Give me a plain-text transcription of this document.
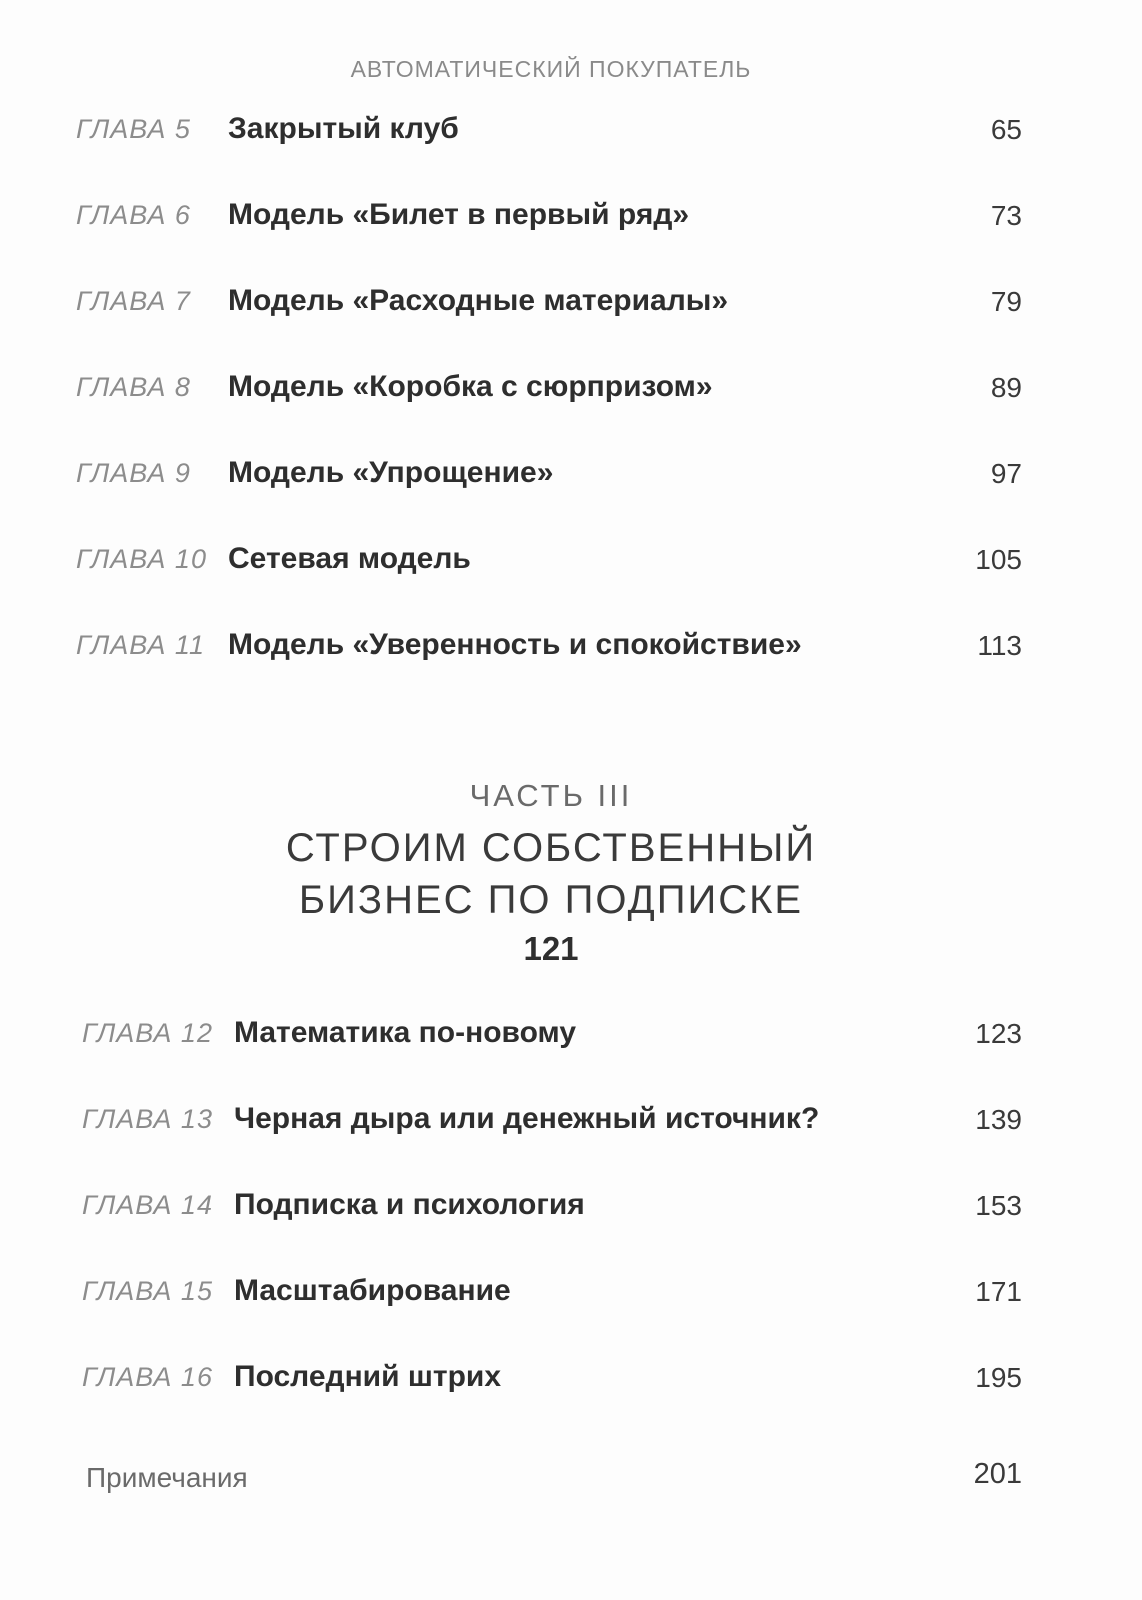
АВТОМАТИЧЕСКИЙ ПОКУПАТЕЛЬ
ГЛАВА 5 Закрытый клуб	65
ГЛАВА 6 Модель «Билет в первый ряд»	73
ГЛАВА 7 Модель «Расходные материалы»	79
ГЛАВА 8 Модель «Коробка с сюрпризом»	89
ГЛАВА 9 Модель «Упрощение»	97
ГЛАВА 10 Сетевая модель	105
ГЛАВА 11 Модель «Уверенность и спокойствие»	113
ЧАСТЬ III
СТРОИМ СОБСТВЕННЫЙ
БИЗНЕС ПО ПОДПИСКЕ
121
ГЛАВА 12 Математика по-новому	123
ГЛАВА 13 Черная дыра или денежный источник?	139
ГЛАВА 14 Подписка и психология	153
ГЛАВА 15 Масштабирование	171
ГЛАВА 16 Последний штрих	195
Примечания	201
